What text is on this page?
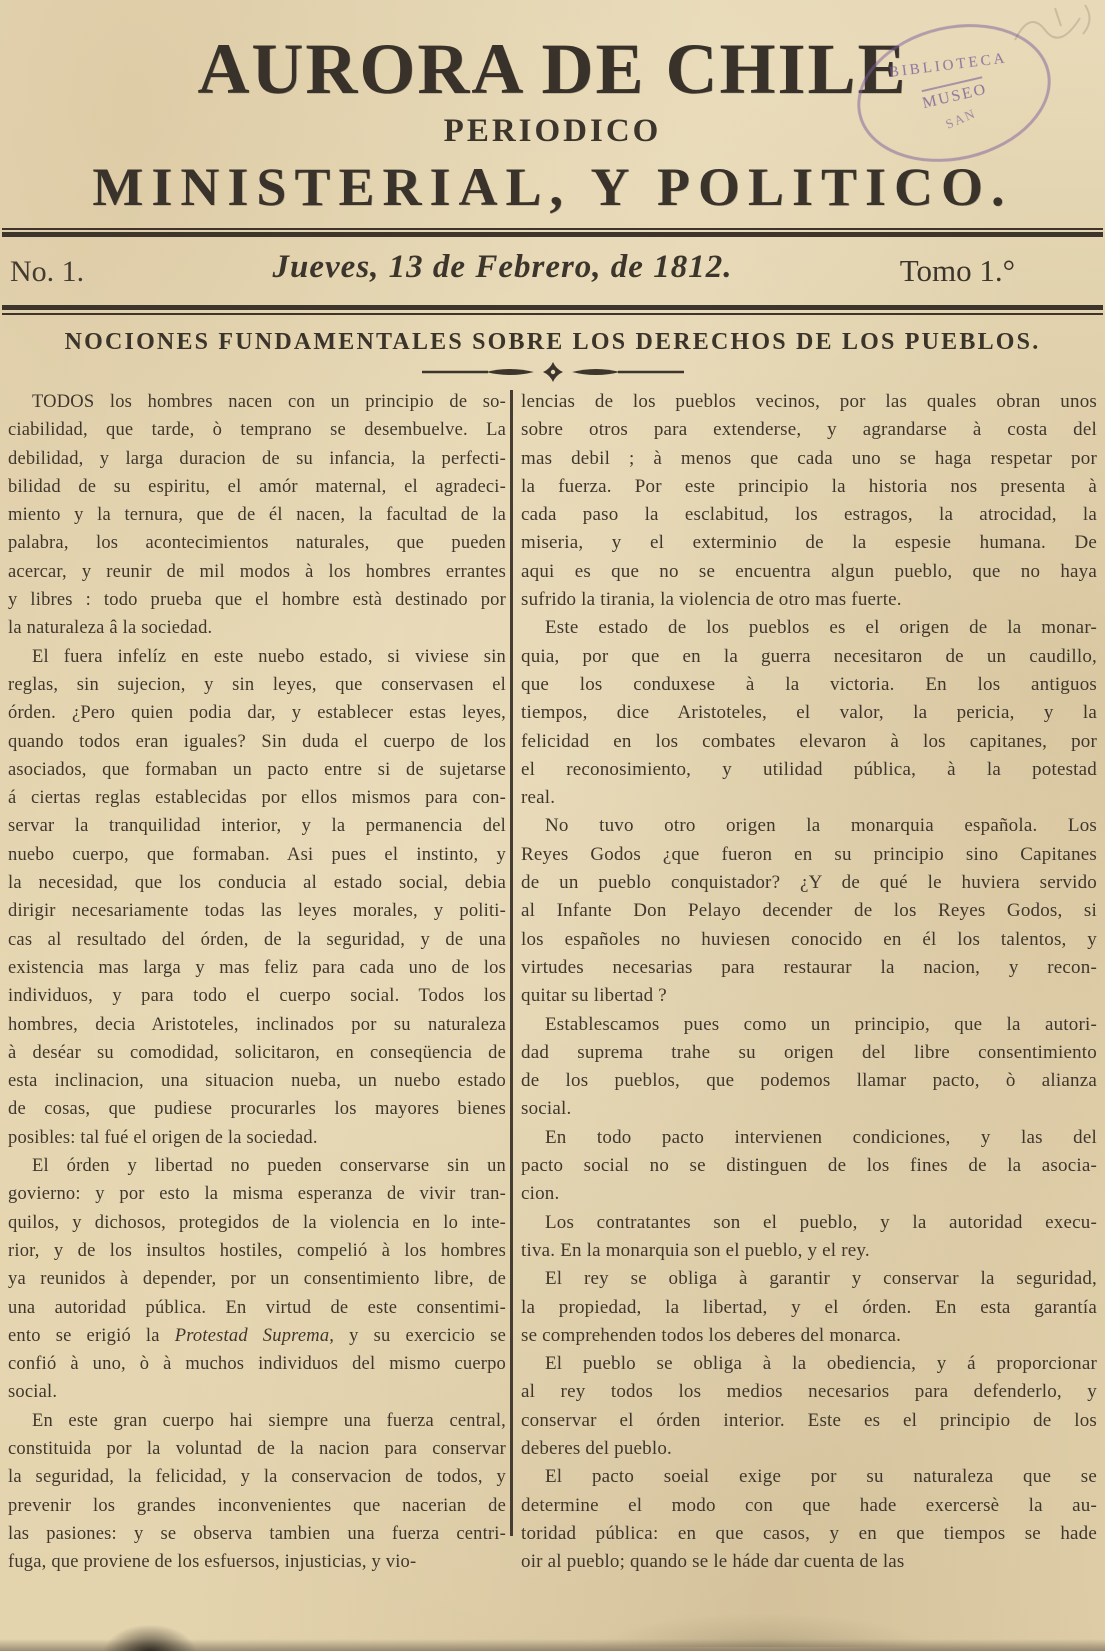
AURORA DE CHILE
PERIODICO
MINISTERIAL, Y POLITICO.
BIBLIOTECA
MUSEO
SAN
No. 1.	Jueves, 13 de Febrero, de 1812.	Tomo 1.°
NOCIONES FUNDAMENTALES SOBRE LOS DERECHOS DE LOS PUEBLOS.
TODOS los hombres nacen con un principio de so-
ciabilidad, que tarde, ò temprano se desembuelve. La
debilidad, y larga duracion de su infancia, la perfecti-
bilidad de su espiritu, el amór maternal, el agradeci-
miento y la ternura, que de él nacen, la facultad de la
palabra, los acontecimientos naturales, que pueden
acercar, y reunir de mil modos à los hombres errantes
y libres : todo prueba que el hombre està destinado por
la naturaleza â la sociedad.
El fuera infelíz en este nuebo estado, si viviese sin
reglas, sin sujecion, y sin leyes, que conservasen el
órden. ¿Pero quien podia dar, y establecer estas leyes,
quando todos eran iguales? Sin duda el cuerpo de los
asociados, que formaban un pacto entre si de sujetarse
á ciertas reglas establecidas por ellos mismos para con-
servar la tranquilidad interior, y la permanencia del
nuebo cuerpo, que formaban. Asi pues el instinto, y
la necesidad, que los conducia al estado social, debia
dirigir necesariamente todas las leyes morales, y politi-
cas al resultado del órden, de la seguridad, y de una
existencia mas larga y mas feliz para cada uno de los
individuos, y para todo el cuerpo social. Todos los
hombres, decia Aristoteles, inclinados por su naturaleza
à deséar su comodidad, solicitaron, en conseqüencia de
esta inclinacion, una situacion nueba, un nuebo estado
de cosas, que pudiese procurarles los mayores bienes
posibles: tal fué el origen de la sociedad.
El órden y libertad no pueden conservarse sin un
govierno: y por esto la misma esperanza de vivir tran-
quilos, y dichosos, protegidos de la violencia en lo inte-
rior, y de los insultos hostiles, compelió à los hombres
ya reunidos à depender, por un consentimiento libre, de
una autoridad pública. En virtud de este consentimi-
ento se erigió la Protestad Suprema, y su exercicio se
confió à uno, ò à muchos individuos del mismo cuerpo
social.
En este gran cuerpo hai siempre una fuerza central,
constituida por la voluntad de la nacion para conservar
la seguridad, la felicidad, y la conservacion de todos, y
prevenir los grandes inconvenientes que nacerian de
las pasiones: y se observa tambien una fuerza centri-
fuga, que proviene de los esfuersos, injusticias, y vio-
lencias de los pueblos vecinos, por las quales obran unos
sobre otros para extenderse, y agrandarse à costa del
mas debil ; à menos que cada uno se haga respetar por
la fuerza. Por este principio la historia nos presenta à
cada paso la esclabitud, los estragos, la atrocidad, la
miseria, y el exterminio de la espesie humana. De
aqui es que no se encuentra algun pueblo, que no haya
sufrido la tirania, la violencia de otro mas fuerte.
Este estado de los pueblos es el origen de la monar-
quia, por que en la guerra necesitaron de un caudillo,
que los conduxese à la victoria. En los antiguos
tiempos, dice Aristoteles, el valor, la pericia, y la
felicidad en los combates elevaron à los capitanes, por
el reconosimiento, y utilidad pública, à la potestad
real.
No tuvo otro origen la monarquia española. Los
Reyes Godos ¿que fueron en su principio sino Capitanes
de un pueblo conquistador? ¿Y de qué le huviera servido
al Infante Don Pelayo decender de los Reyes Godos, si
los españoles no huviesen conocido en él los talentos, y
virtudes necesarias para restaurar la nacion, y recon-
quitar su libertad ?
Establescamos pues como un principio, que la autori-
dad suprema trahe su origen del libre consentimiento
de los pueblos, que podemos llamar pacto, ò alianza
social.
En todo pacto intervienen condiciones, y las del
pacto social no se distinguen de los fines de la asocia-
cion.
Los contratantes son el pueblo, y la autoridad execu-
tiva. En la monarquia son el pueblo, y el rey.
El rey se obliga à garantir y conservar la seguridad,
la propiedad, la libertad, y el órden. En esta garantía
se comprehenden todos los deberes del monarca.
El pueblo se obliga à la obediencia, y á proporcionar
al rey todos los medios necesarios para defenderlo, y
conservar el órden interior. Este es el principio de los
deberes del pueblo.
El pacto soeial exige por su naturaleza que se
determine el modo con que hade exercersè la au-
toridad pública: en que casos, y en que tiempos se hade
oir al pueblo; quando se le háde dar cuenta de las
